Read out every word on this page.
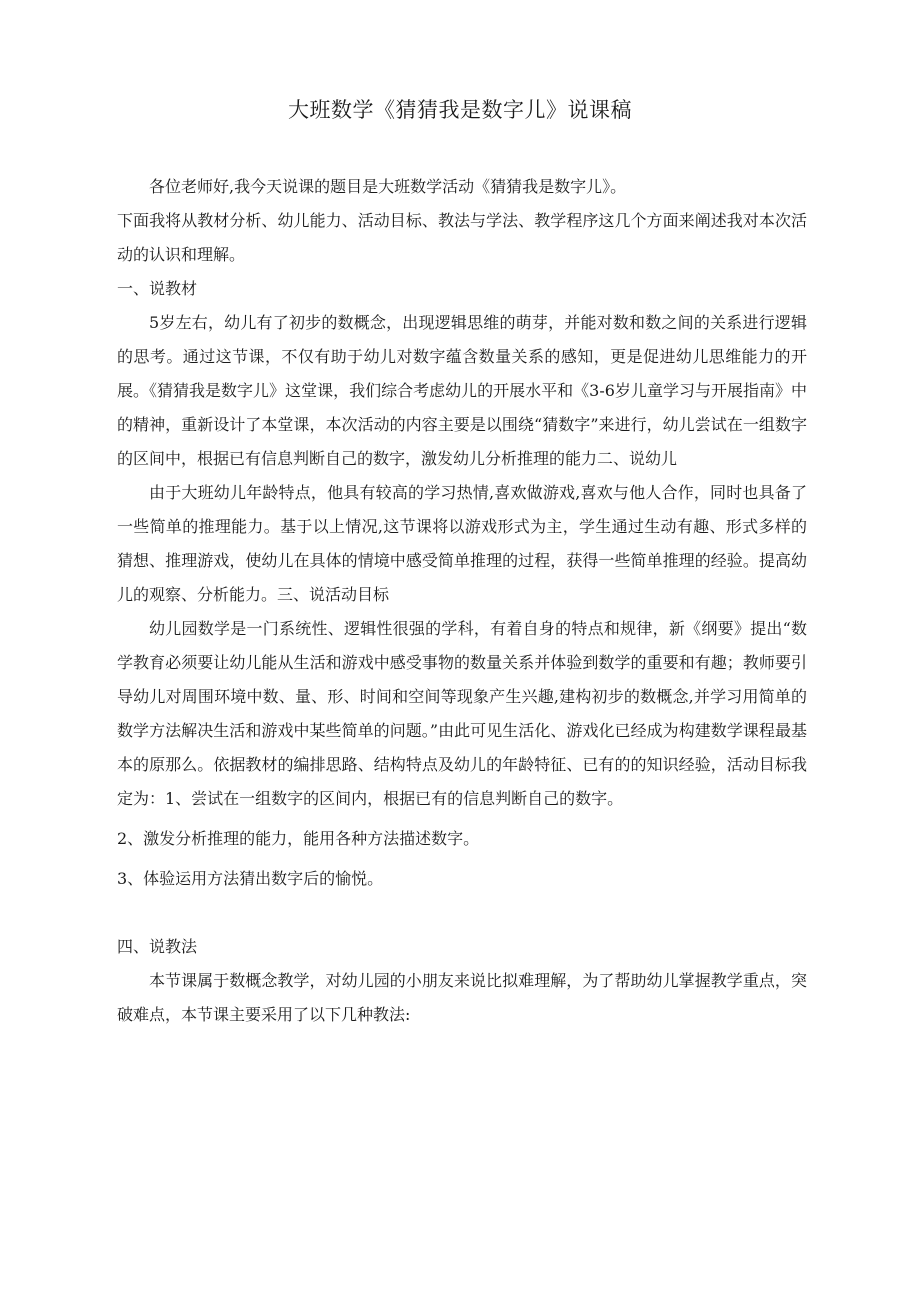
大班数学《猜猜我是数字儿》说课稿

各位老师好,我今天说课的题目是大班数学活动《猜猜我是数字儿》。

下面我将从教材分析、幼儿能力、活动目标、教法与学法、教学程序这几个方面来阐述我对本次活动的认识和理解。

一、说教材

5岁左右，幼儿有了初步的数概念，出现逻辑思维的萌芽，并能对数和数之间的关系进行逻辑的思考。通过这节课，不仅有助于幼儿对数字蕴含数量关系的感知，更是促进幼儿思维能力的开展。《猜猜我是数字儿》这堂课，我们综合考虑幼儿的开展水平和《3-6岁儿童学习与开展指南》中的精神，重新设计了本堂课，本次活动的内容主要是以围绕“猜数字”来进行，幼儿尝试在一组数字的区间中，根据已有信息判断自己的数字，激发幼儿分析推理的能力二、说幼儿

由于大班幼儿年龄特点，他具有较高的学习热情,喜欢做游戏,喜欢与他人合作，同时也具备了一些简单的推理能力。基于以上情况,这节课将以游戏形式为主，学生通过生动有趣、形式多样的猜想、推理游戏，使幼儿在具体的情境中感受简单推理的过程，获得一些简单推理的经验。提高幼儿的观察、分析能力。三、说活动目标

幼儿园数学是一门系统性、逻辑性很强的学科，有着自身的特点和规律，新《纲要》提出“数学教育必须要让幼儿能从生活和游戏中感受事物的数量关系并体验到数学的重要和有趣；教师要引导幼儿对周围环境中数、量、形、时间和空间等现象产生兴趣,建构初步的数概念,并学习用简单的数学方法解决生活和游戏中某些简单的问题。”由此可见生活化、游戏化已经成为构建数学课程最基本的原那么。依据教材的编排思路、结构特点及幼儿的年龄特征、已有的的知识经验，活动目标我定为：1、尝试在一组数字的区间内，根据已有的信息判断自己的数字。

2、激发分析推理的能力，能用各种方法描述数字。

3、体验运用方法猜出数字后的愉悦。

四、说教法

本节课属于数概念教学，对幼儿园的小朋友来说比拟难理解，为了帮助幼儿掌握教学重点，突破难点，本节课主要采用了以下几种教法:
